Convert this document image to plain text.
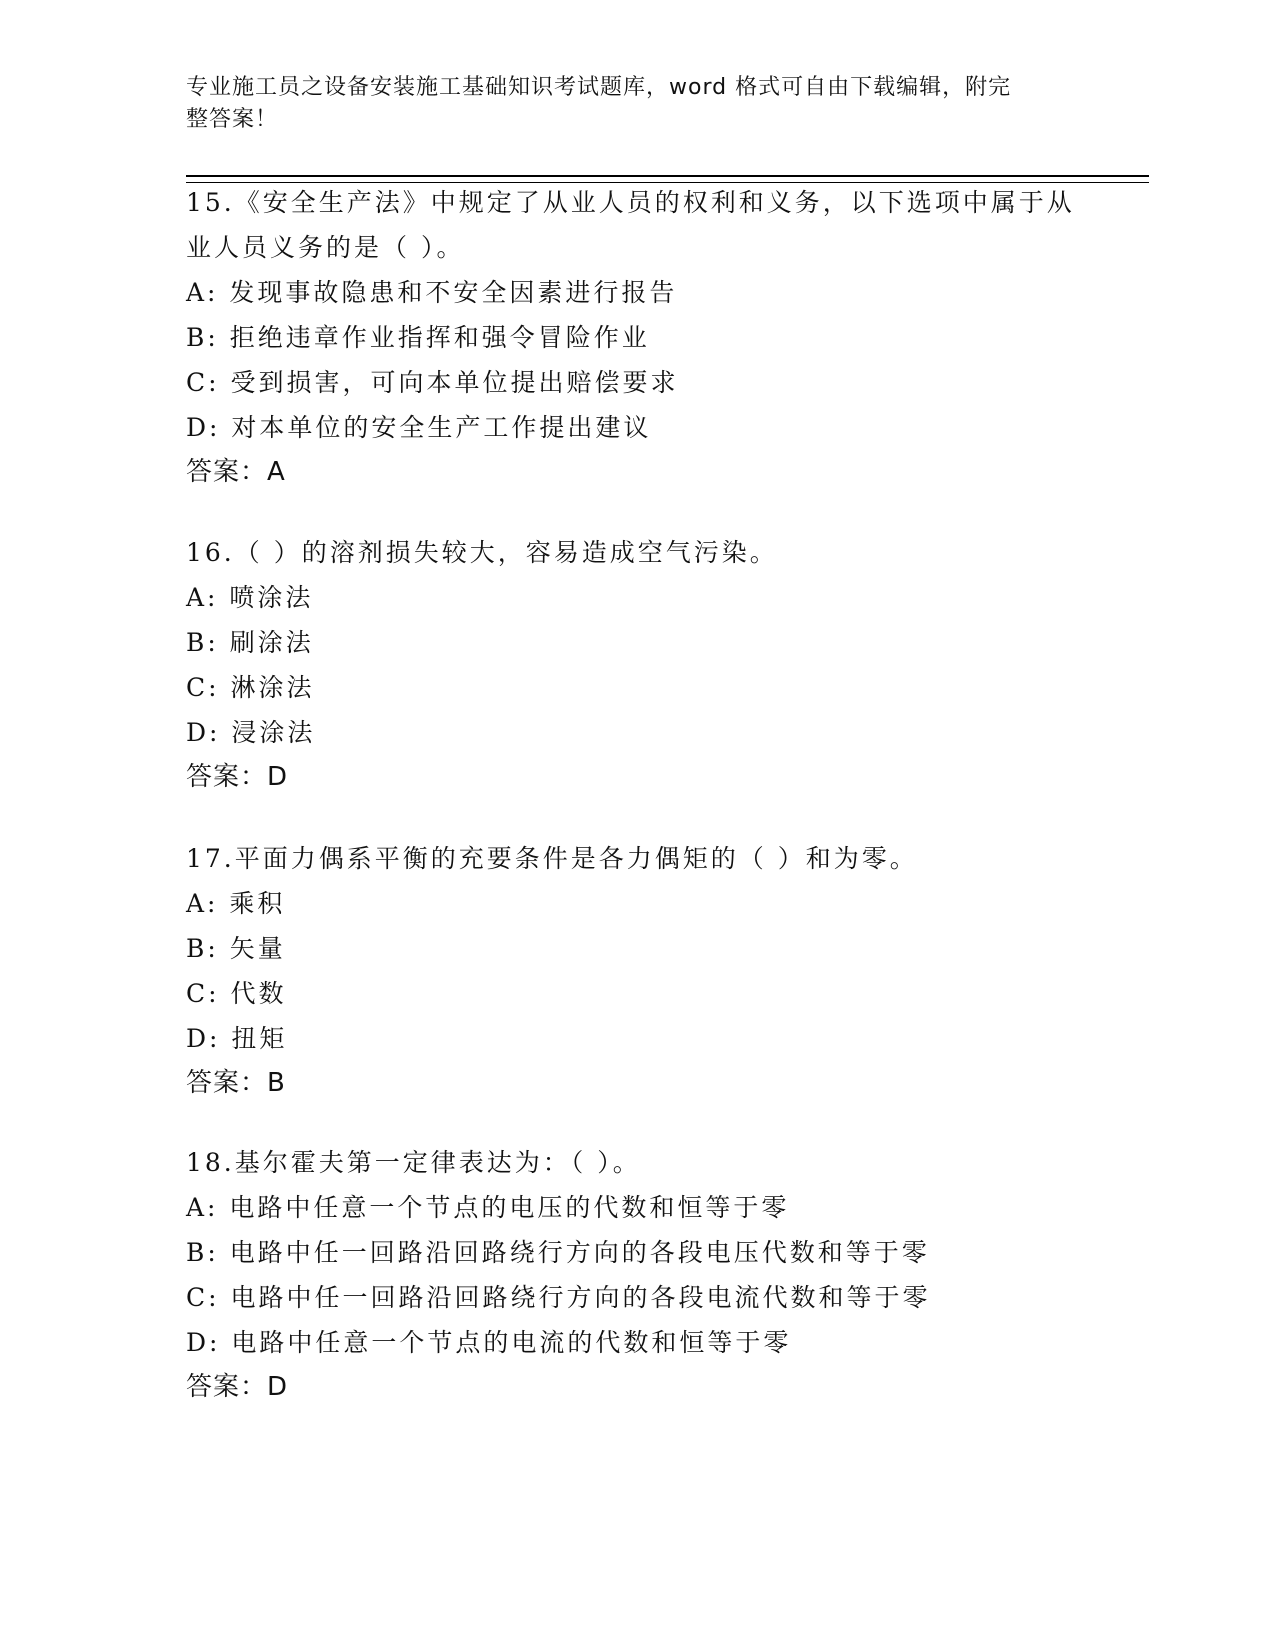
专业施工员之设备安装施工基础知识考试题库，word 格式可自由下载编辑，附完
整答案！
15.《安全生产法》中规定了从业人员的权利和义务，以下选项中属于从业人员义务的是（ ）。
A: 发现事故隐患和不安全因素进行报告
B: 拒绝违章作业指挥和强令冒险作业
C: 受到损害，可向本单位提出赔偿要求
D: 对本单位的安全生产工作提出建议
答案：A
16.（ ）的溶剂损失较大，容易造成空气污染。
A: 喷涂法
B: 刷涂法
C: 淋涂法
D: 浸涂法
答案：D
17.平面力偶系平衡的充要条件是各力偶矩的（ ）和为零。
A: 乘积
B: 矢量
C: 代数
D: 扭矩
答案：B
18.基尔霍夫第一定律表达为：（ ）。
A: 电路中任意一个节点的电压的代数和恒等于零
B: 电路中任一回路沿回路绕行方向的各段电压代数和等于零
C: 电路中任一回路沿回路绕行方向的各段电流代数和等于零
D: 电路中任意一个节点的电流的代数和恒等于零
答案：D
